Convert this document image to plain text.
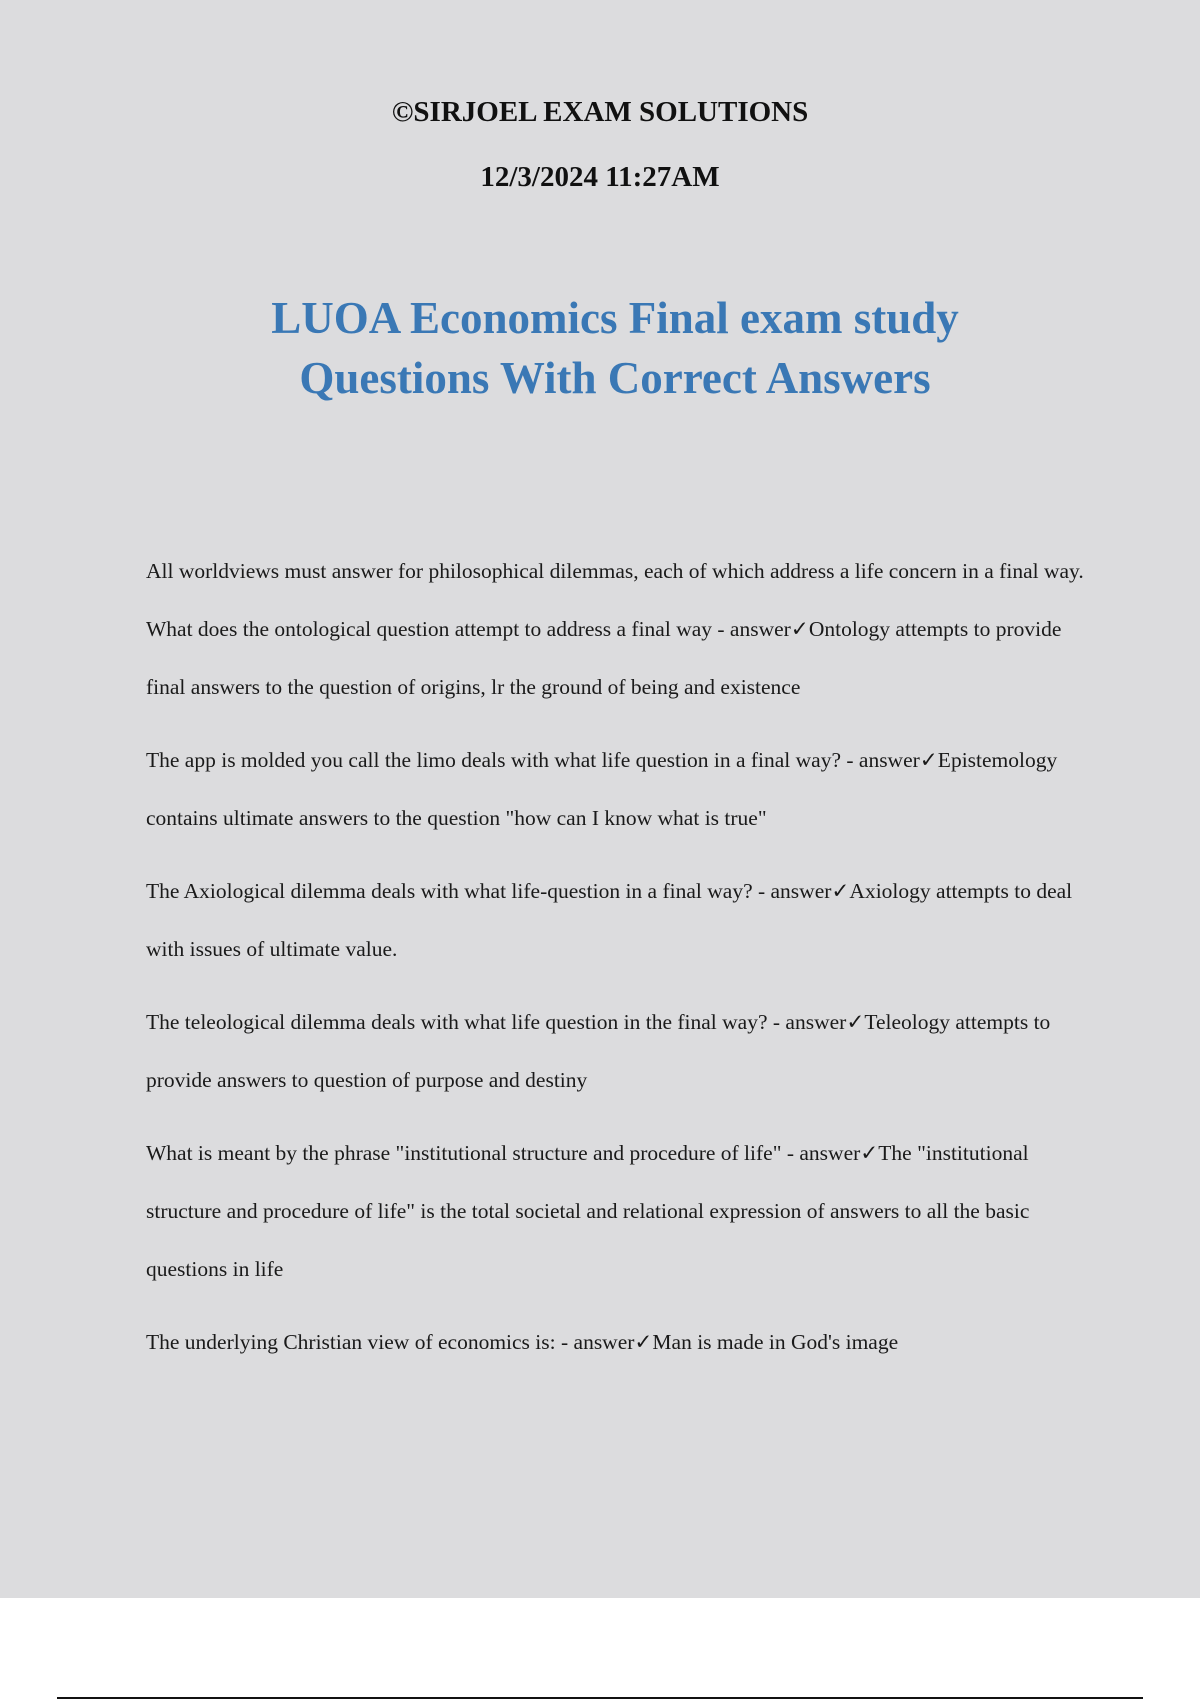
©SIRJOEL EXAM SOLUTIONS

12/3/2024 11:27AM

LUOA Economics Final exam study
Questions With Correct Answers
All worldviews must answer for philosophical dilemmas, each of which address a life concern in a final way. What does the ontological question attempt to address a final way - answer✓Ontology attempts to provide final answers to the question of origins, lr the ground of being and existence
The app is molded you call the limo deals with what life question in a final way? - answer✓Epistemology contains ultimate answers to the question "how can I know what is true"
The Axiological dilemma deals with what life-question in a final way? - answer✓Axiology attempts to deal with issues of ultimate value.
The teleological dilemma deals with what life question in the final way? - answer✓Teleology attempts to provide answers to question of purpose and destiny
What is meant by the phrase "institutional structure and procedure of life" - answer✓The "institutional structure and procedure of life" is the total societal and relational expression of answers to all the basic questions in life
The underlying Christian view of economics is: - answer✓Man is made in God's image
